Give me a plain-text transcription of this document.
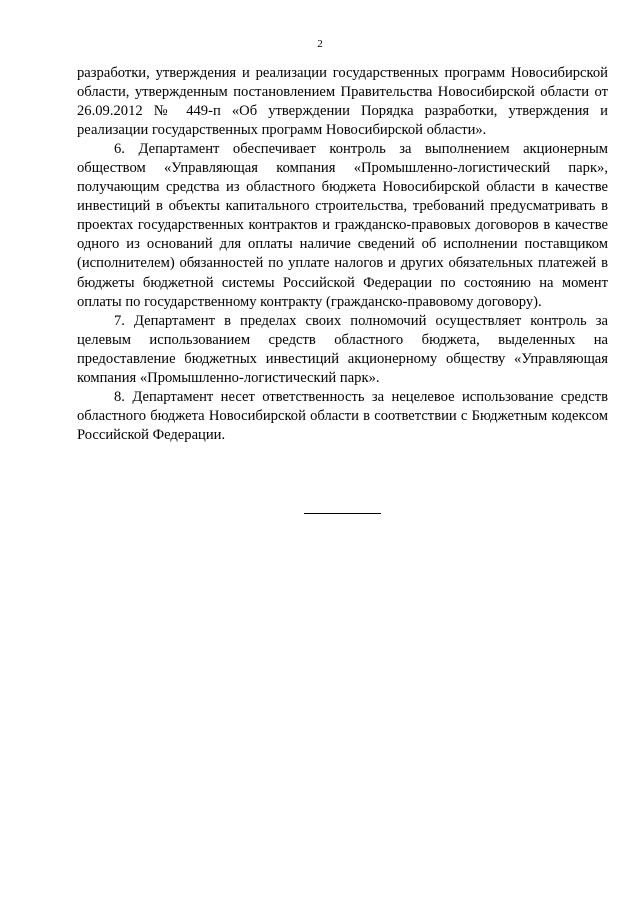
2

разработки, утверждения и реализации государственных программ Новосибирской области, утвержденным постановлением Правительства Новосибирской области от 26.09.2012 № 449-п «Об утверждении Порядка разработки, утверждения и реализации государственных программ Новосибирской области».

6. Департамент обеспечивает контроль за выполнением акционерным обществом «Управляющая компания «Промышленно-логистический парк», получающим средства из областного бюджета Новосибирской области в качестве инвестиций в объекты капитального строительства, требований предусматривать в проектах государственных контрактов и гражданско-правовых договоров в качестве одного из оснований для оплаты наличие сведений об исполнении поставщиком (исполнителем) обязанностей по уплате налогов и других обязательных платежей в бюджеты бюджетной системы Российской Федерации по состоянию на момент оплаты по государственному контракту (гражданско-правовому договору).

7. Департамент в пределах своих полномочий осуществляет контроль за целевым использованием средств областного бюджета, выделенных на предоставление бюджетных инвестиций акционерному обществу «Управляющая компания «Промышленно-логистический парк».

8. Департамент несет ответственность за нецелевое использование средств областного бюджета Новосибирской области в соответствии с Бюджетным кодексом Российской Федерации.
